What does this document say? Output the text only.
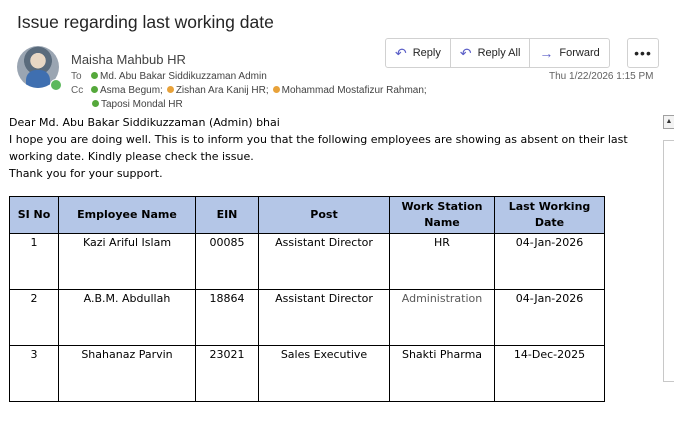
Issue regarding last working date
Maisha Mahbub HR
To	Md. Abu Bakar Siddikuzzaman Admin
Cc	Asma Begum;	Zishan Ara Kanij HR;	Mohammad Mostafizur Rahman;
Taposi Mondal HR
↶ Reply ↶ Reply All → Forward •••
Thu 1/22/2026 1:15 PM

Dear Md. Abu Bakar Siddikuzzaman (Admin) bhai

I hope you are doing well. This is to inform you that the following employees are showing as absent on their last working date. Kindly please check the issue.

Thank you for your support.

SI No	Employee Name	EIN	Post	Work Station Name	Last Working Date
1	Kazi Ariful Islam	00085	Assistant Director	HR	04-Jan-2026
2	A.B.M. Abdullah	18864	Assistant Director	Administration	04-Jan-2026
3	Shahanaz Parvin	23021	Sales Executive	Shakti Pharma	14-Dec-2025
▲
